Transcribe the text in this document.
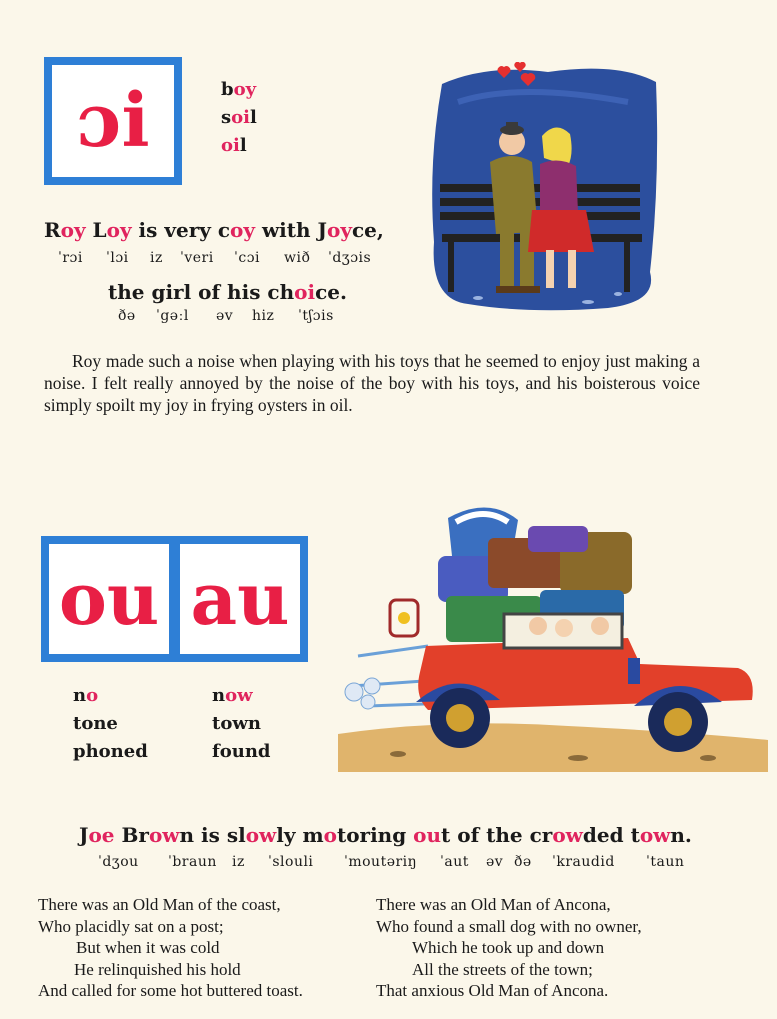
ɔi	boy
soil
oil
Roy Loy is very coy with Joyce,
ˈrɔi ˈlɔi iz ˈveri ˈcɔi wið ˈdʒɔis
the girl of his choice.
ðə ˈgəːl əv hiz ˈtʃɔis
Roy made such a noise when playing with his toys that he seemed to enjoy just making a noise. I felt really annoyed by the noise of the boy with his toys, and his boisterous voice simply spoilt my joy in frying oysters in oil.
ou au
no
tone
phoned
now
town
found
Joe Brown is slowly motoring out of the crowded town.
ˈdʒou ˈbraun iz ˈslouli ˈmoutəriŋ ˈaut əv ðə ˈkraudid ˈtaun
There was an Old Man of the coast,
Who placidly sat on a post;
But when it was cold
He relinquished his hold
And called for some hot buttered toast.
There was an Old Man of Ancona,
Who found a small dog with no owner,
Which he took up and down
All the streets of the town;
That anxious Old Man of Ancona.
